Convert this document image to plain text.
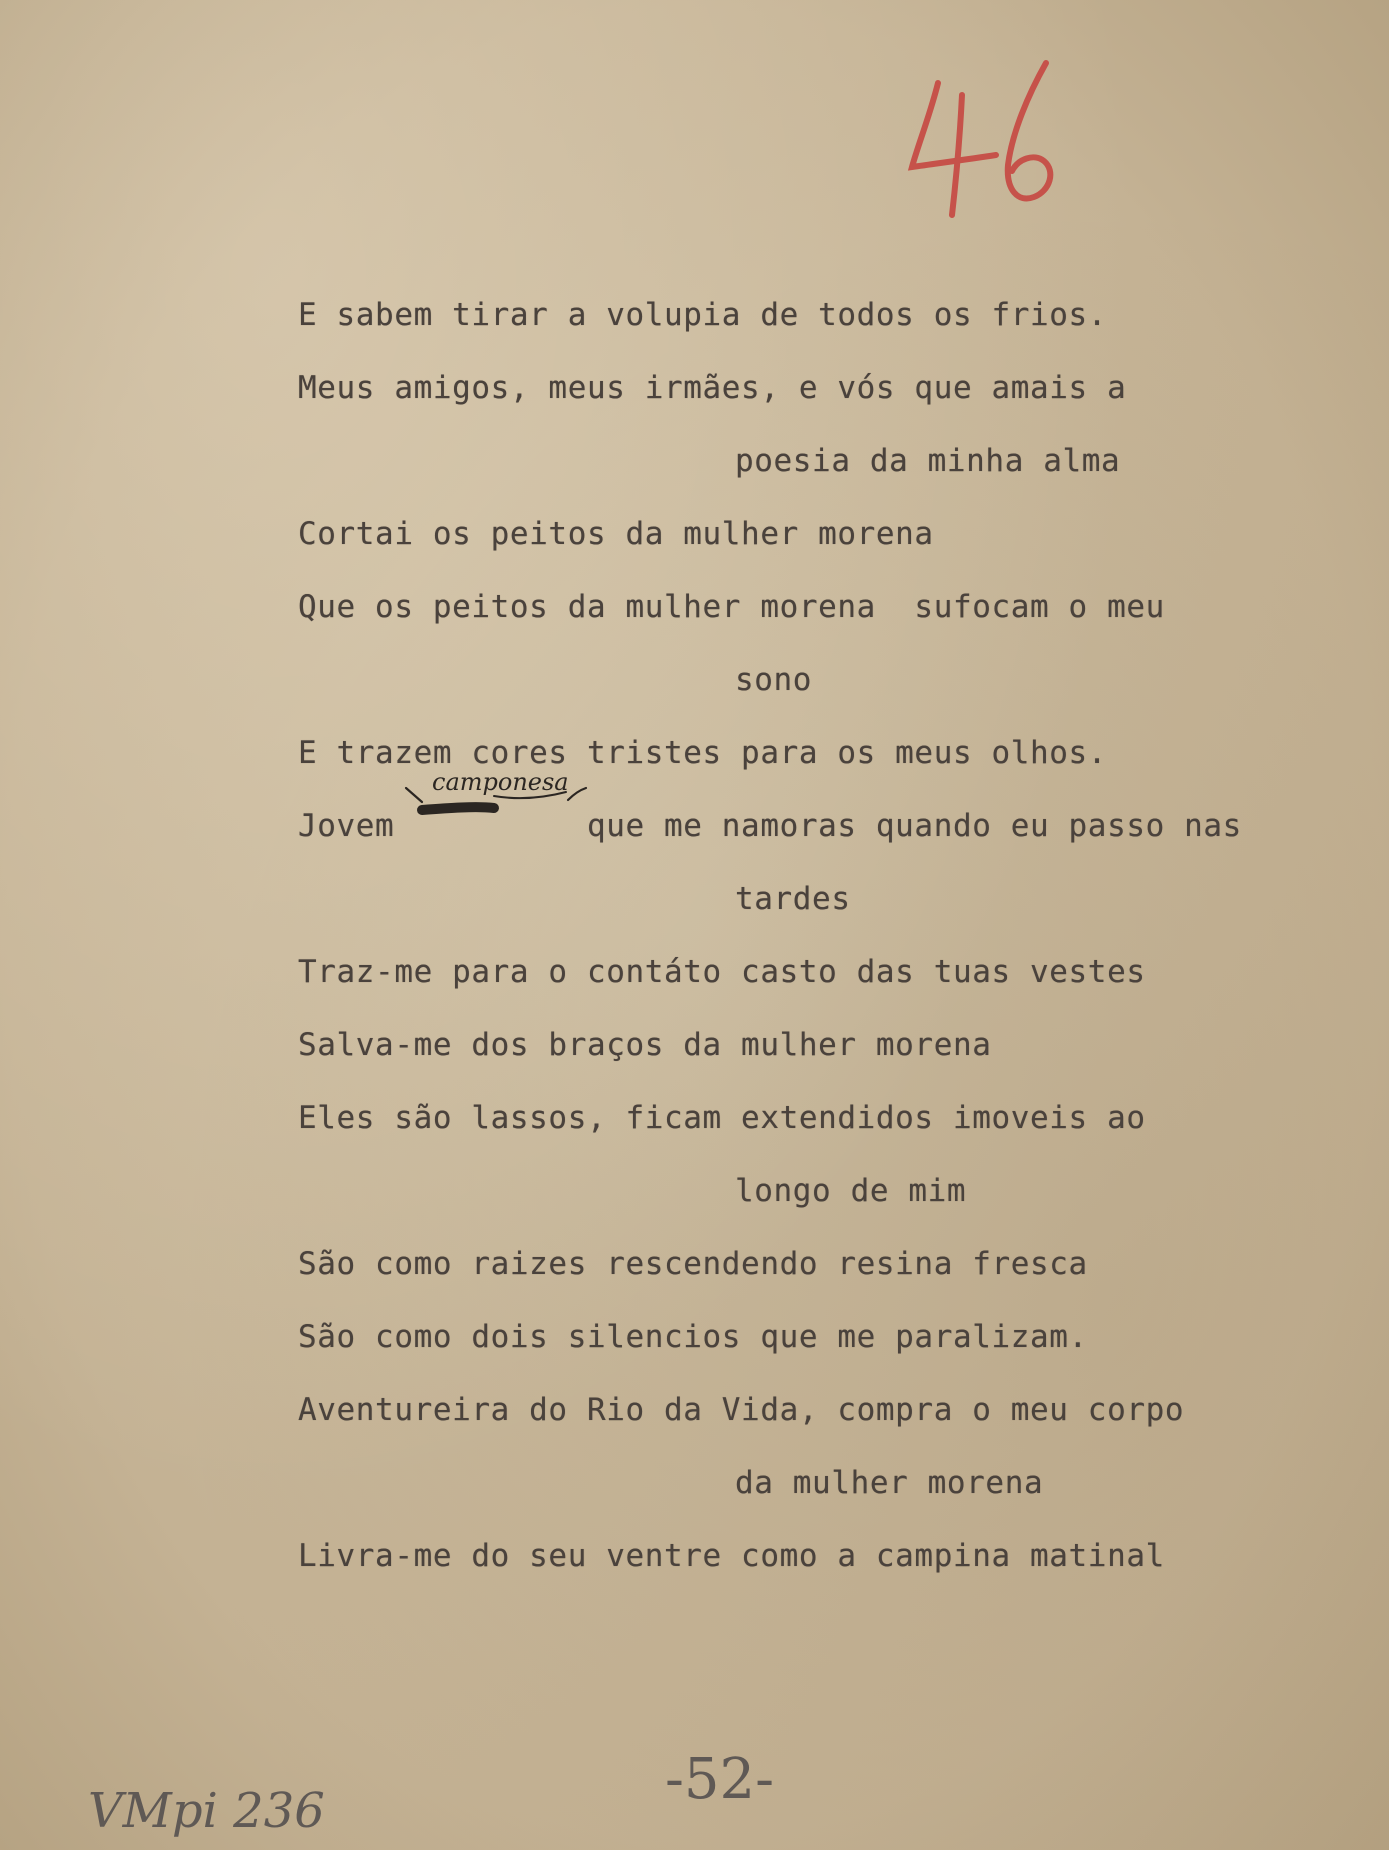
E sabem tirar a volupia de todos os frios.
Meus amigos, meus irmães, e vós que amais a
poesia da minha alma
Cortai os peitos da mulher morena
Que os peitos da mulher morena  sufocam o meu
sono
E trazem cores tristes para os meus olhos.
Jovem          que me namoras quando eu passo nas
tardes
Traz-me para o contáto casto das tuas vestes
Salva-me dos braços da mulher morena
Eles são lassos, ficam extendidos imoveis ao
longo de mim
São como raizes rescendendo resina fresca
São como dois silencios que me paralizam.
Aventureira do Rio da Vida, compra o meu corpo
da mulher morena
Livra-me do seu ventre como a campina matinal
camponesa
-52-
VMpi 236
